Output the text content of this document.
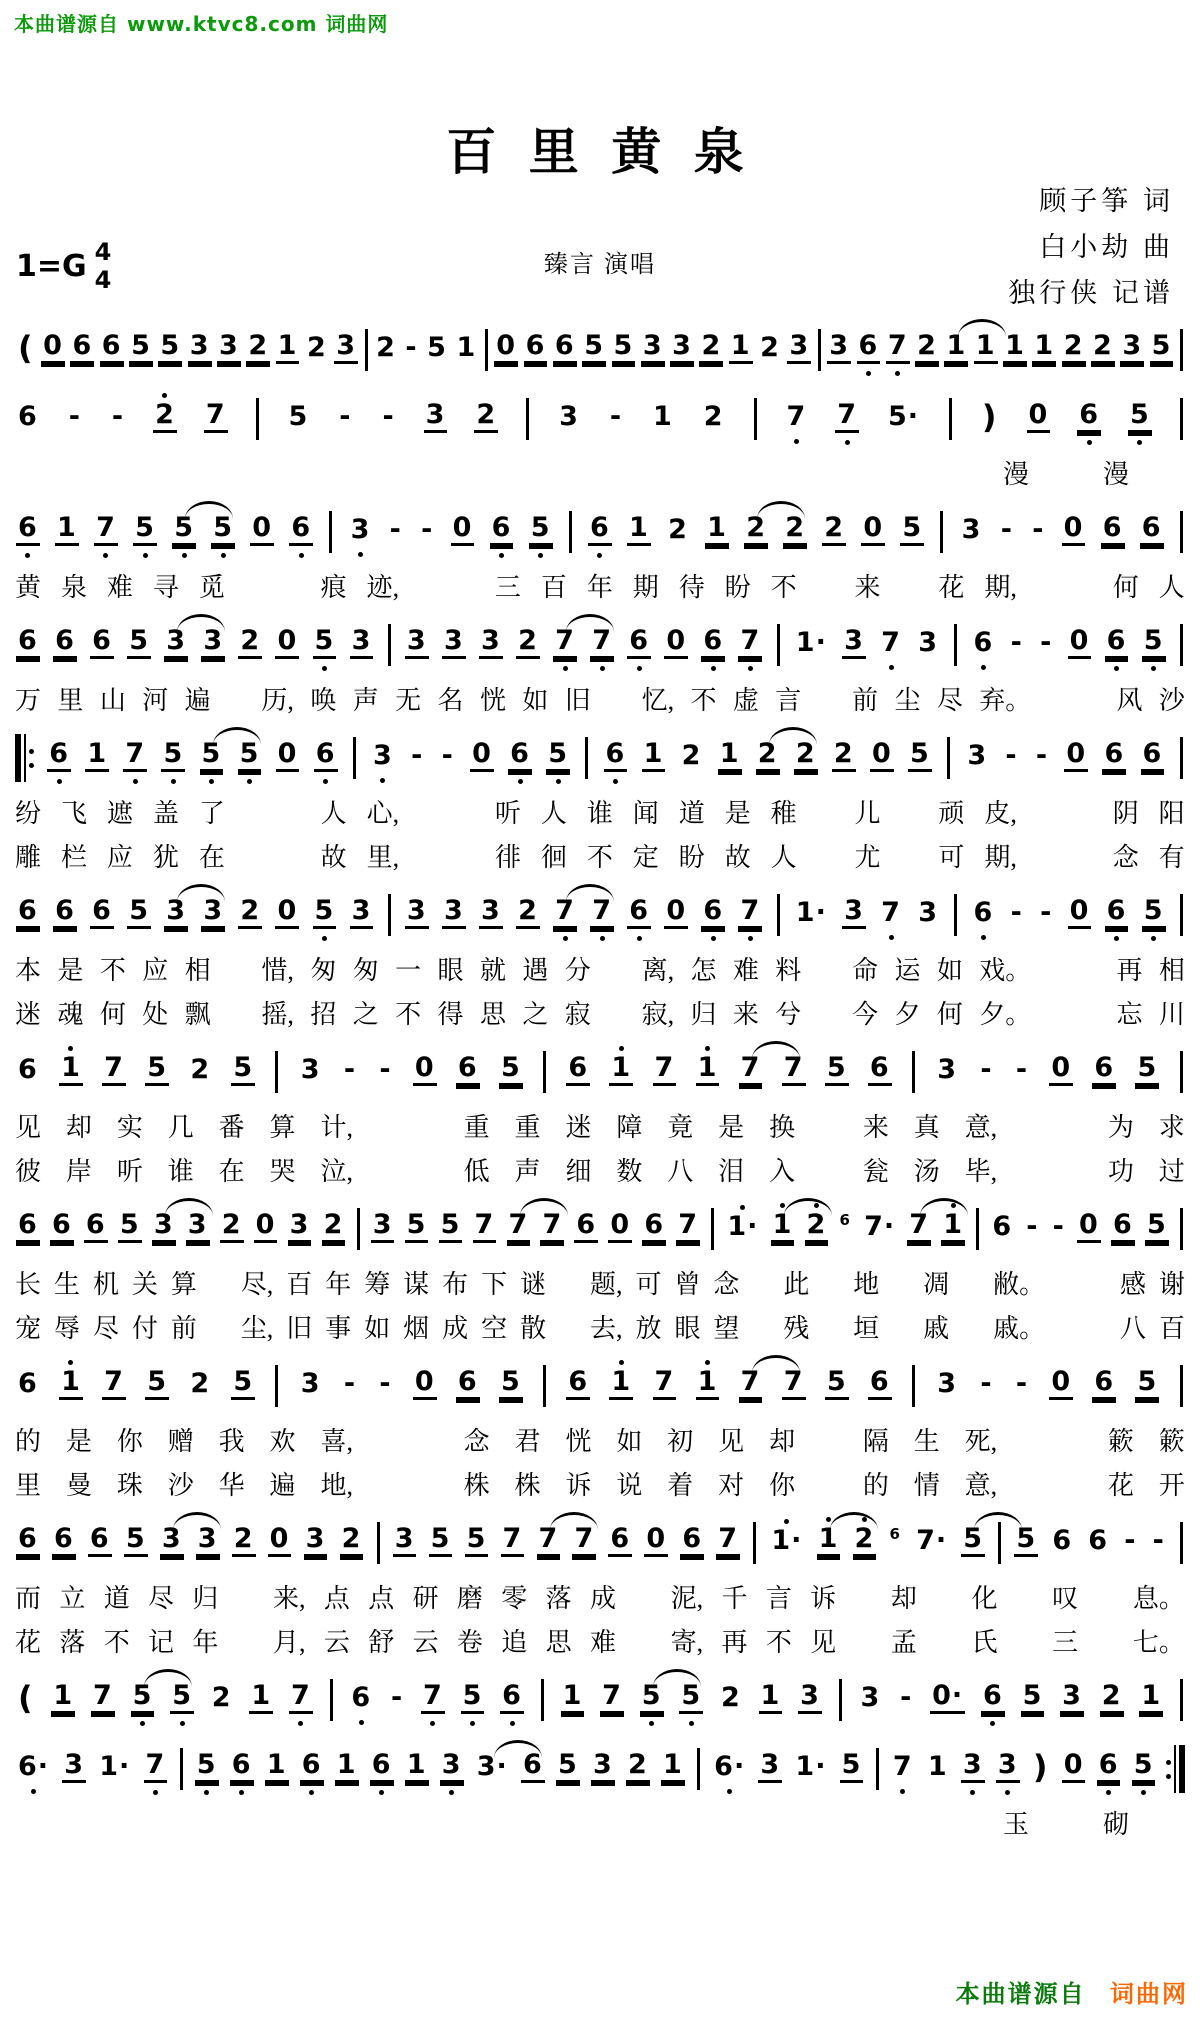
本曲谱源自 www.ktvc8.com 词曲网
百 里 黄 泉
臻言 演唱
1=G 4
4
顾子筝 词
白小劫 曲
独行侠 记谱
( 0 6 6 5 5 3 3 2 1 2 3 2 - 5 1 0 6 6 5 5 3 3 2 1 2 3 3 6 7 2 1 1 1 1 2 2 3 5
6 - - 2 7 5 - - 3 2 3 - 1 2 7 7 5· ) 0 6 5
漫	漫
6 1 7 5 5 5 0 6 3 - - 0 6 5 6 1 2 1 2 2 2 0 5 3 - - 0 6 6
黄 泉 难 寻 觅	痕 迹,	三 百 年 期 待 盼 不 来 花 期,	何 人
6 6 6 5 3 3 2 0 5 3 3 3 3 2 7 7 6 0 6 7 1· 3 7 3 6 - - 0 6 5
万 里 山 河 遍 历, 唤 声 无 名 恍 如 旧 忆, 不 虚 言 前 尘 尽 弃。	风 沙
6 1 7 5 5 5 0 6 3 - - 0 6 5 6 1 2 1 2 2 2 0 5 3 - - 0 6 6
纷 飞 遮 盖 了	人 心,	听 人 谁 闻 道 是 稚 儿 顽 皮,	阴 阳
雕 栏 应 犹 在	故 里,	徘 徊 不 定 盼 故 人 尤 可 期,	念 有
6 6 6 5 3 3 2 0 5 3 3 3 3 2 7 7 6 0 6 7 1· 3 7 3 6 - - 0 6 5
本 是 不 应 相 惜, 匆 匆 一 眼 就 遇 分 离, 怎 难 料 命 运 如 戏。	再 相
迷 魂 何 处 飘 摇, 招 之 不 得 思 之 寂 寂, 归 来 兮 今 夕 何 夕。	忘 川
6 1 7 5 2 5 3 - - 0 6 5 6 1 7 1 7 7 5 6 3 - - 0 6 5
见 却 实 几 番 算 计,	重 重 迷 障 竟 是 换	来 真 意,	为 求
彼 岸 听 谁 在 哭 泣,	低 声 细 数 八 泪 入	瓮 汤 毕,	功 过
6 6 6 5 3 3 2 0 3 2 3 5 5 7 7 7 6 0 6 7 1· 1 2 6 7· 7 1 6 - - 0 6 5
长 生 机 关 算 尽, 百 年 筹 谋 布 下 谜 题, 可 曾 念 此 地 凋 敝。	感 谢
宠 辱 尽 付 前 尘, 旧 事 如 烟 成 空 散 去, 放 眼 望 残 垣 戚 戚。	八 百
6 1 7 5 2 5 3 - - 0 6 5 6 1 7 1 7 7 5 6 3 - - 0 6 5
的 是 你 赠 我 欢 喜,	念 君 恍 如 初 见 却	隔 生 死,	簌 簌
里 曼 珠 沙 华 遍 地,	株 株 诉 说 着 对 你	的 情 意,	花 开
6 6 6 5 3 3 2 0 3 2 3 5 5 7 7 7 6 0 6 7 1· 1 2 6 7· 5 5 6 6 - -
而 立 道 尽 归 来, 点 点 研 磨 零 落 成 泥, 千 言 诉 却 化 叹 息。
花 落 不 记 年 月, 云 舒 云 卷 追 思 难 寄, 再 不 见 孟 氏 三 七。
( 1 7 5 5 2 1 7 6 - 7 5 6 1 7 5 5 2 1 3 3 - 0· 6 5 3 2 1
6· 3 1· 7 5 6 1 6 1 6 1 3 3· 6 5 3 2 1 6· 3 1· 5 7 1 3 3 ) 0 6 5
玉	砌
本曲谱源自 词曲网
